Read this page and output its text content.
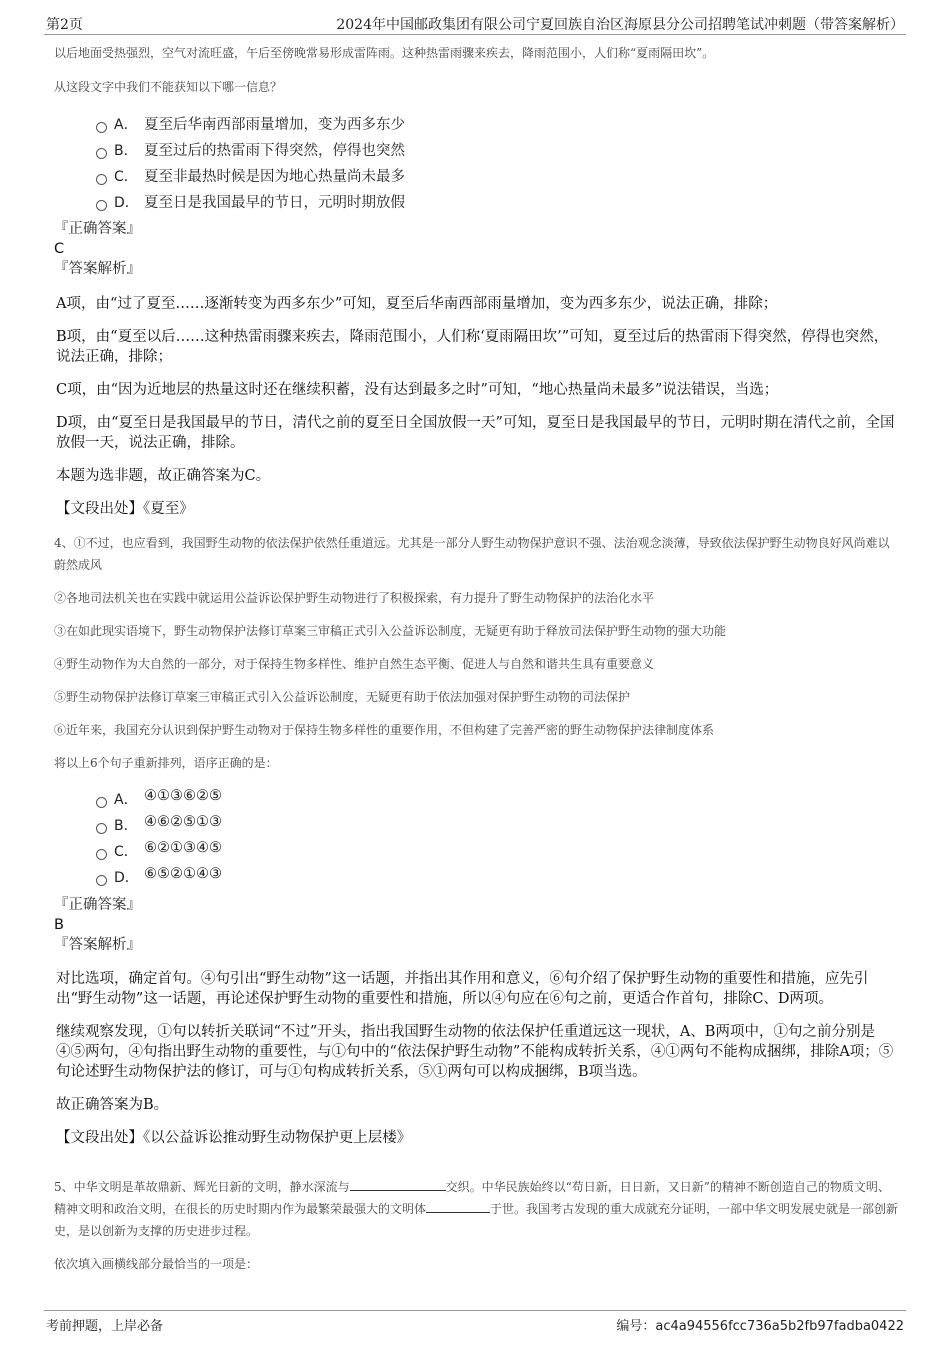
第2页	2024年中国邮政集团有限公司宁夏回族自治区海原县分公司招聘笔试冲刺题（带答案解析）

以后地面受热强烈，空气对流旺盛，午后至傍晚常易形成雷阵雨。这种热雷雨骤来疾去，降雨范围小，人们称“夏雨隔田坎”。

从这段文字中我们不能获知以下哪一信息？

A． 夏至后华南西部雨量增加，变为西多东少
B． 夏至过后的热雷雨下得突然，停得也突然
C． 夏至非最热时候是因为地心热量尚未最多
D． 夏至日是我国最早的节日，元明时期放假

『正确答案』

C

『答案解析』

A项，由“过了夏至……逐渐转变为西多东少”可知，夏至后华南西部雨量增加，变为西多东少，说法正确，排除；

B项，由“夏至以后……这种热雷雨骤来疾去，降雨范围小，人们称‘夏雨隔田坎’”可知，夏至过后的热雷雨下得突然，停得也突然，说法正确，排除；

C项，由“因为近地层的热量这时还在继续积蓄，没有达到最多之时”可知，“地心热量尚未最多”说法错误，当选；

D项，由“夏至日是我国最早的节日，清代之前的夏至日全国放假一天”可知，夏至日是我国最早的节日，元明时期在清代之前，全国放假一天，说法正确，排除。

本题为选非题，故正确答案为C。

【文段出处】《夏至》

4、①不过，也应看到，我国野生动物的依法保护依然任重道远。尤其是一部分人野生动物保护意识不强、法治观念淡薄，导致依法保护野生动物良好风尚难以蔚然成风

②各地司法机关也在实践中就运用公益诉讼保护野生动物进行了积极探索，有力提升了野生动物保护的法治化水平

③在如此现实语境下，野生动物保护法修订草案三审稿正式引入公益诉讼制度，无疑更有助于释放司法保护野生动物的强大功能

④野生动物作为大自然的一部分，对于保持生物多样性、维护自然生态平衡、促进人与自然和谐共生具有重要意义

⑤野生动物保护法修订草案三审稿正式引入公益诉讼制度，无疑更有助于依法加强对保护野生动物的司法保护

⑥近年来，我国充分认识到保护野生动物对于保持生物多样性的重要作用，不但构建了完善严密的野生动物保护法律制度体系

将以上6个句子重新排列，语序正确的是：

A． ④①③⑥②⑤
B． ④⑥②⑤①③
C． ⑥②①③④⑤
D． ⑥⑤②①④③

『正确答案』

B

『答案解析』

对比选项，确定首句。④句引出“野生动物”这一话题，并指出其作用和意义，⑥句介绍了保护野生动物的重要性和措施，应先引出“野生动物”这一话题，再论述保护野生动物的重要性和措施，所以④句应在⑥句之前，更适合作首句，排除C、D两项。

继续观察发现，①句以转折关联词“不过”开头，指出我国野生动物的依法保护任重道远这一现状，A、B两项中，①句之前分别是④⑤两句，④句指出野生动物的重要性，与①句中的“依法保护野生动物”不能构成转折关系，④①两句不能构成捆绑，排除A项；⑤句论述野生动物保护法的修订，可与①句构成转折关系，⑤①两句可以构成捆绑，B项当选。

故正确答案为B。

【文段出处】《以公益诉讼推动野生动物保护更上层楼》

5、中华文明是革故鼎新、辉光日新的文明，静水深流与	交织。中华民族始终以“苟日新，日日新，又日新”的精神不断创造自己的物质文明、精神文明和政治文明，在很长的历史时期内作为最繁荣最强大的文明体	于世。我国考古发现的重大成就充分证明，一部中华文明发展史就是一部创新史，是以创新为支撑的历史进步过程。

依次填入画横线部分最恰当的一项是：

考前押题，上岸必备	编号：ac4a94556fcc736a5b2fb97fadba0422
